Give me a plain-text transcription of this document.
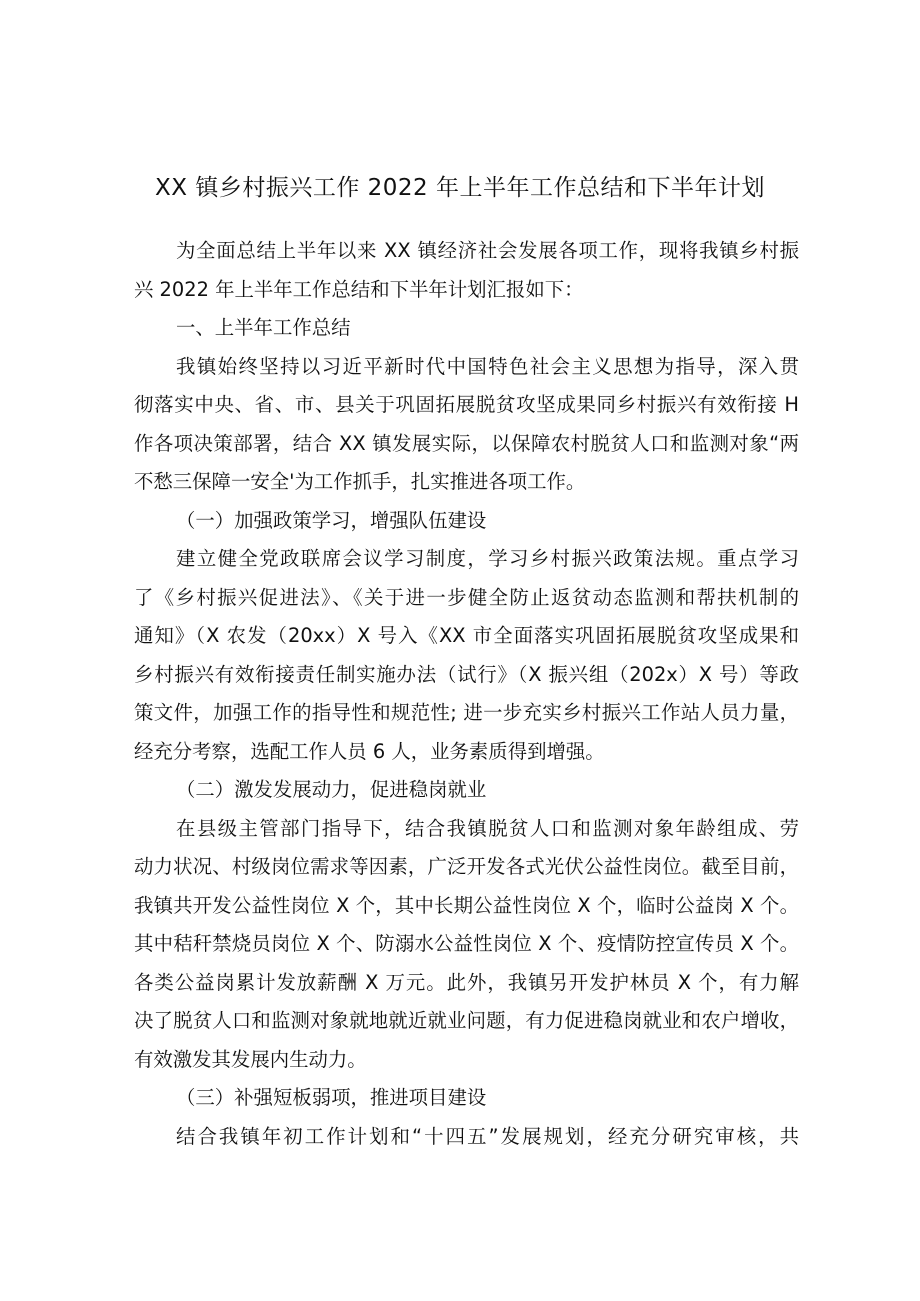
XX 镇乡村振兴工作 2022 年上半年工作总结和下半年计划
为全面总结上半年以来 XX 镇经济社会发展各项工作，现将我镇乡村振
兴 2022 年上半年工作总结和下半年计划汇报如下：
一、上半年工作总结
我镇始终坚持以习近平新时代中国特色社会主义思想为指导，深入贯
彻落实中央、省、市、县关于巩固拓展脱贫攻坚成果同乡村振兴有效衔接 H
作各项决策部署，结合 XX 镇发展实际，以保障农村脱贫人口和监测对象“两
不愁三保障一安全'为工作抓手，扎实推进各项工作。
（一）加强政策学习，增强队伍建设
建立健全党政联席会议学习制度，学习乡村振兴政策法规。重点学习
了《乡村振兴促进法》、《关于进一步健全防止返贫动态监测和帮扶机制的
通知》（X 农发（20xx）X 号入《XX 市全面落实巩固拓展脱贫攻坚成果和
乡村振兴有效衔接责任制实施办法（试行》（X 振兴组（202x）X 号）等政
策文件，加强工作的指导性和规范性; 进一步充实乡村振兴工作站人员力量，
经充分考察，选配工作人员 6 人，业务素质得到增强。
（二）激发发展动力，促进稳岗就业
在县级主管部门指导下，结合我镇脱贫人口和监测对象年龄组成、劳
动力状况、村级岗位需求等因素，广泛开发各式光伏公益性岗位。截至目前，
我镇共开发公益性岗位 X 个，其中长期公益性岗位 X 个，临时公益岗 X 个。
其中秸秆禁烧员岗位 X 个、防溺水公益性岗位 X 个、疫情防控宣传员 X 个。
各类公益岗累计发放薪酬 X 万元。此外，我镇另开发护林员 X 个，有力解
决了脱贫人口和监测对象就地就近就业问题，有力促进稳岗就业和农户增收，
有效激发其发展内生动力。
（三）补强短板弱项，推进项目建设
结合我镇年初工作计划和“十四五”发展规划，经充分研究审核，共
